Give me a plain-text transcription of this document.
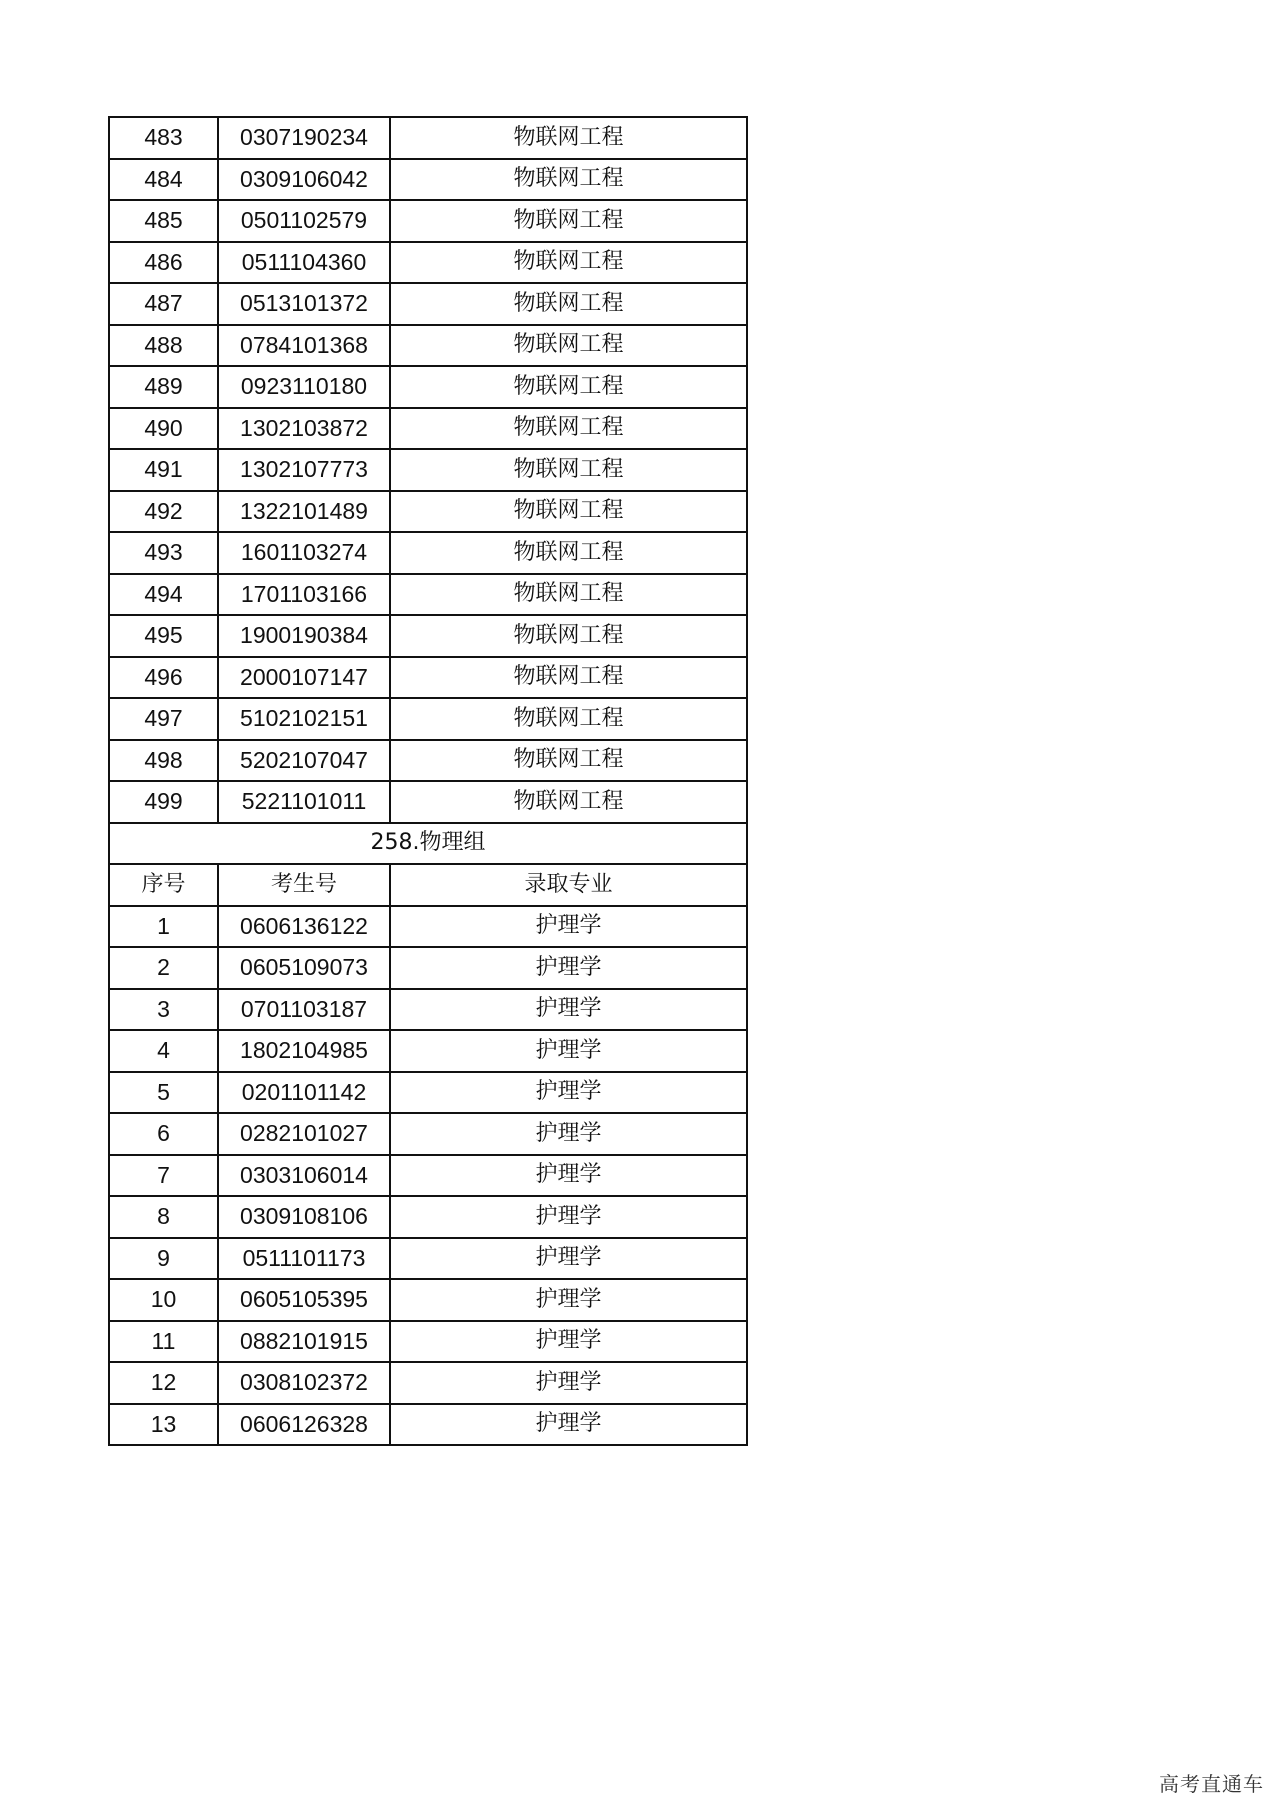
483	0307190234	物联网工程
484	0309106042	物联网工程
485	0501102579	物联网工程
486	0511104360	物联网工程
487	0513101372	物联网工程
488	0784101368	物联网工程
489	0923110180	物联网工程
490	1302103872	物联网工程
491	1302107773	物联网工程
492	1322101489	物联网工程
493	1601103274	物联网工程
494	1701103166	物联网工程
495	1900190384	物联网工程
496	2000107147	物联网工程
497	5102102151	物联网工程
498	5202107047	物联网工程
499	5221101011	物联网工程
258.物理组		
序号	考生号	录取专业
1	0606136122	护理学
2	0605109073	护理学
3	0701103187	护理学
4	1802104985	护理学
5	0201101142	护理学
6	0282101027	护理学
7	0303106014	护理学
8	0309108106	护理学
9	0511101173	护理学
10	0605105395	护理学
11	0882101915	护理学
12	0308102372	护理学
13	0606126328	护理学
高考直通车
